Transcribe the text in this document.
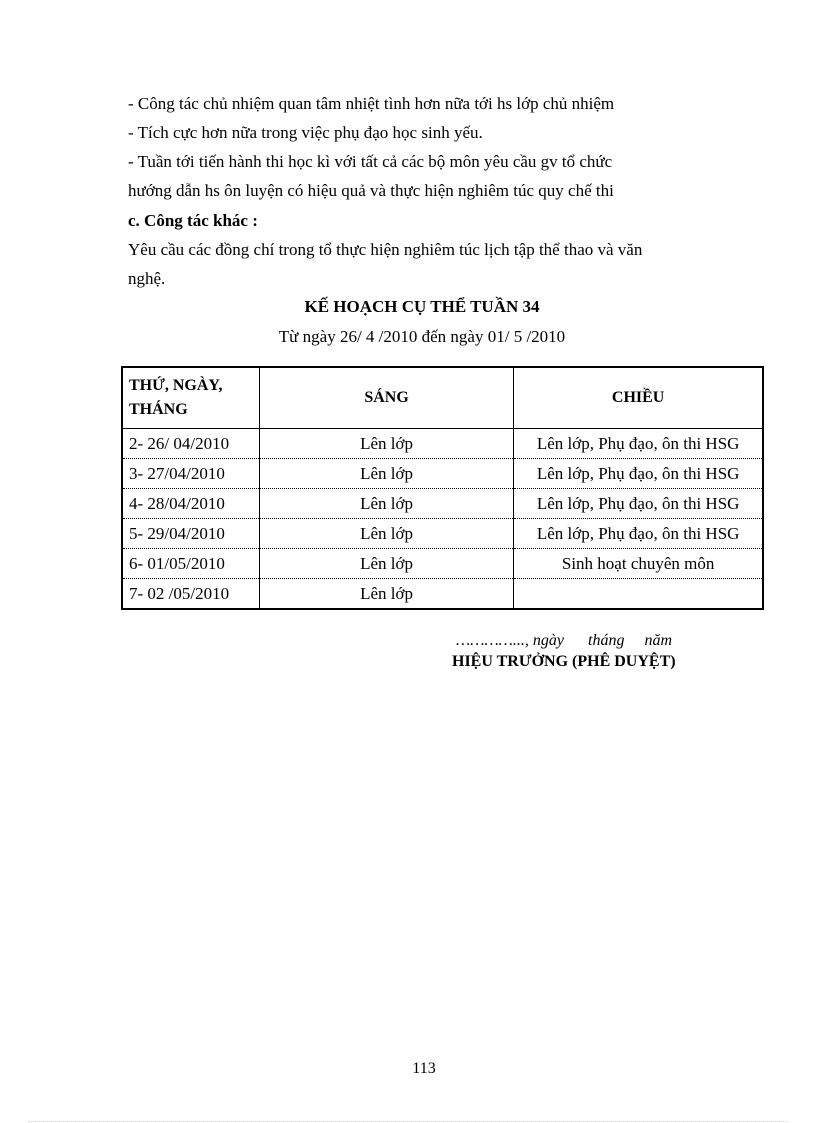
- Công tác chủ nhiệm quan tâm nhiệt tình hơn nữa tới hs lớp chủ nhiệm
- Tích cực hơn nữa trong việc phụ đạo học sinh yếu.
- Tuần tới tiến hành thi học kì với tất cả các bộ môn yêu cầu gv tổ chức
hướng dẫn hs ôn luyện có hiệu quả và thực hiện nghiêm túc quy chế thi
c. Công tác khác :
Yêu cầu các đồng chí trong tổ thực hiện nghiêm túc lịch tập thể thao và văn
nghệ.
KẾ HOẠCH CỤ THỂ TUẦN 34
Từ ngày 26/ 4 /2010 đến ngày 01/ 5 /2010
THỨ, NGÀY,
THÁNG	SÁNG	CHIỀU
2- 26/ 04/2010	Lên lớp	Lên lớp, Phụ đạo, ôn thi HSG
3- 27/04/2010	Lên lớp	Lên lớp, Phụ đạo, ôn thi HSG
4- 28/04/2010	Lên lớp	Lên lớp, Phụ đạo, ôn thi HSG
5- 29/04/2010	Lên lớp	Lên lớp, Phụ đạo, ôn thi HSG
6- 01/05/2010	Lên lớp	Sinh hoạt chuyên môn
7- 02 /05/2010	Lên lớp	
…………..., ngày      tháng     năm
HIỆU TRƯỞNG (PHÊ DUYỆT)
113
